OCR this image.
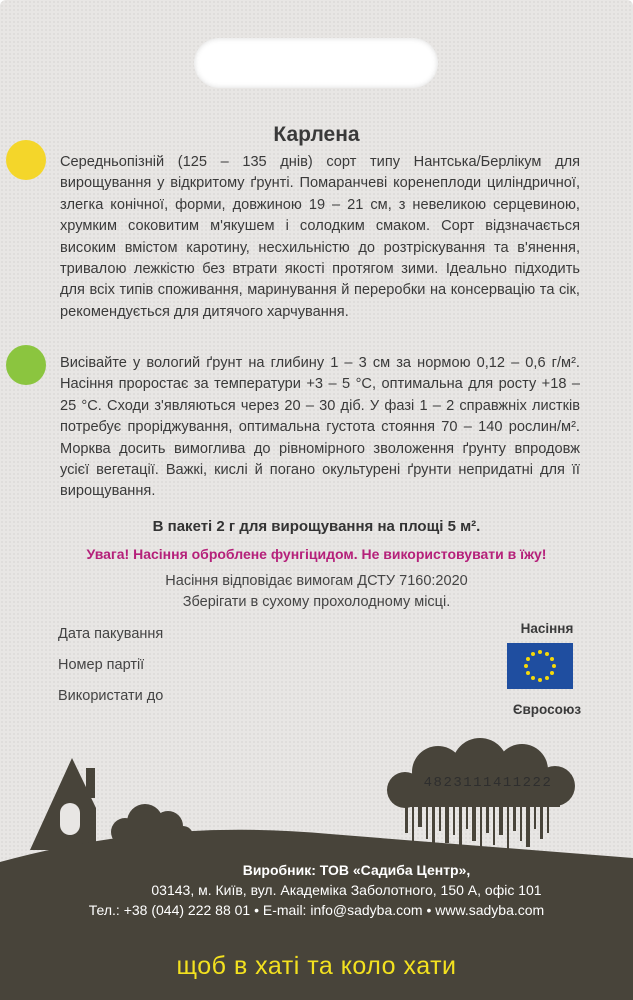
Карлена
Середньопізній (125 – 135 днів) сорт типу Нантська/Берлікум для вирощування у відкритому ґрунті. Помаранчеві коренеплоди циліндричної, злегка конічної, форми, довжиною 19 – 21 см, з невеликою серцевиною, хрумким соковитим м'якушем і солодким смаком. Сорт відзначається високим вмістом каротину, несхильністю до розтріскування та в'янення, тривалою лежкістю без втрати якості протягом зими. Ідеально підходить для всіх типів споживання, маринування й переробки на консервацію та сік, рекомендується для дитячого харчування.
Висівайте у вологий ґрунт на глибину 1 – 3 см за нормою 0,12 – 0,6 г/м². Насіння проростає за температури +3 – 5 °С, оптимальна для росту +18 – 25 °С. Сходи з'являються через 20 – 30 діб. У фазі 1 – 2 справжніх листків потребує проріджування, оптимальна густота стояння 70 – 140 рослин/м². Морква досить вимоглива до рівномірного зволоження ґрунту впродовж усієї вегетації. Важкі, кислі й погано окультурені ґрунти непридатні для її вирощування.
В пакеті 2 г для вирощування на площі 5 м².
Увага! Насіння оброблене фунгіцидом. Не використовувати в їжу!
Насіння відповідає вимогам ДСТУ 7160:2020
Зберігати в сухому прохолодному місці.
Дата пакування
Номер партії
Використати до
Насіння
Євросоюз
4823111411222
Виробник: ТОВ «Садиба Центр»,
03143, м. Київ, вул. Академіка Заболотного, 150 А, офіс 101
Тел.: +38 (044) 222 88 01 • E-mail: info@sadyba.com • www.sadyba.com
щоб в хаті та коло хати
